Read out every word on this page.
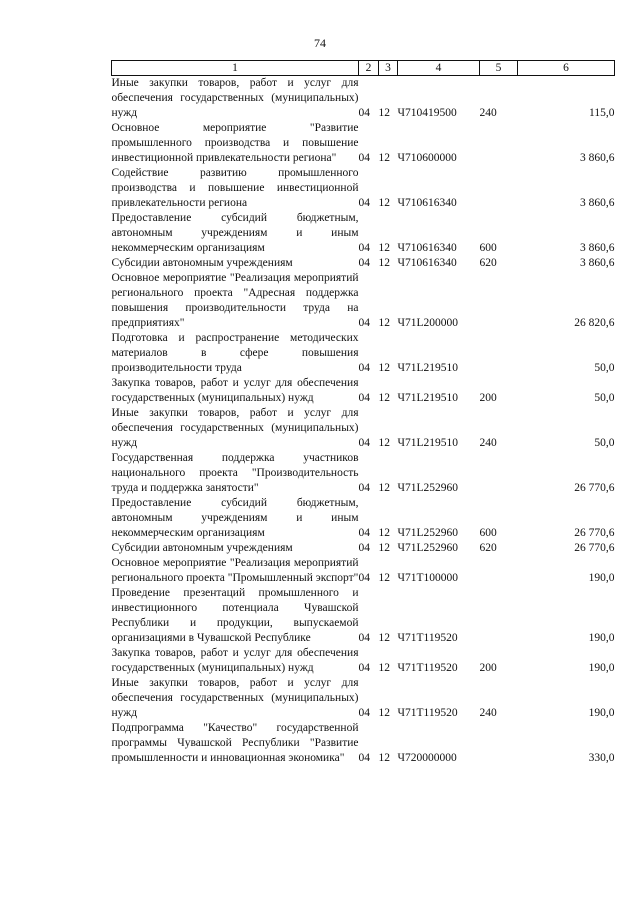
74
1	2	3	4	5	6
Иные закупки товаров, работ и услуг для обеспечения государственных (муниципальных) нужд	04	12	Ч710419500	240	115,0
Основное мероприятие "Развитие промышленного производства и повышение инвестиционной привлекательности региона"	04	12	Ч710600000		3 860,6
Содействие развитию промышленного производства и повышение инвестиционной привлекательности региона	04	12	Ч710616340		3 860,6
Предоставление субсидий бюджетным, автономным учреждениям и иным некоммерческим организациям	04	12	Ч710616340	600	3 860,6
Субсидии автономным учреждениям	04	12	Ч710616340	620	3 860,6
Основное мероприятие "Реализация мероприятий регионального проекта "Адресная поддержка повышения производительности труда на предприятиях"	04	12	Ч71L200000		26 820,6
Подготовка и распространение методических материалов в сфере повышения производительности труда	04	12	Ч71L219510		50,0
Закупка товаров, работ и услуг для обеспечения государственных (муниципальных) нужд	04	12	Ч71L219510	200	50,0
Иные закупки товаров, работ и услуг для обеспечения государственных (муниципальных) нужд	04	12	Ч71L219510	240	50,0
Государственная поддержка участников национального проекта "Производительность труда и поддержка занятости"	04	12	Ч71L252960		26 770,6
Предоставление субсидий бюджетным, автономным учреждениям и иным некоммерческим организациям	04	12	Ч71L252960	600	26 770,6
Субсидии автономным учреждениям	04	12	Ч71L252960	620	26 770,6
Основное мероприятие "Реализация мероприятий регионального проекта "Промышленный экспорт"	04	12	Ч71Т100000		190,0
Проведение презентаций промышленного и инвестиционного потенциала Чувашской Республики и продукции, выпускаемой организациями в Чувашской Республике	04	12	Ч71Т119520		190,0
Закупка товаров, работ и услуг для обеспечения государственных (муниципальных) нужд	04	12	Ч71Т119520	200	190,0
Иные закупки товаров, работ и услуг для обеспечения государственных (муниципальных) нужд	04	12	Ч71Т119520	240	190,0
Подпрограмма "Качество" государственной программы Чувашской Республики "Развитие промышленности и инновационная экономика"	04	12	Ч720000000		330,0
